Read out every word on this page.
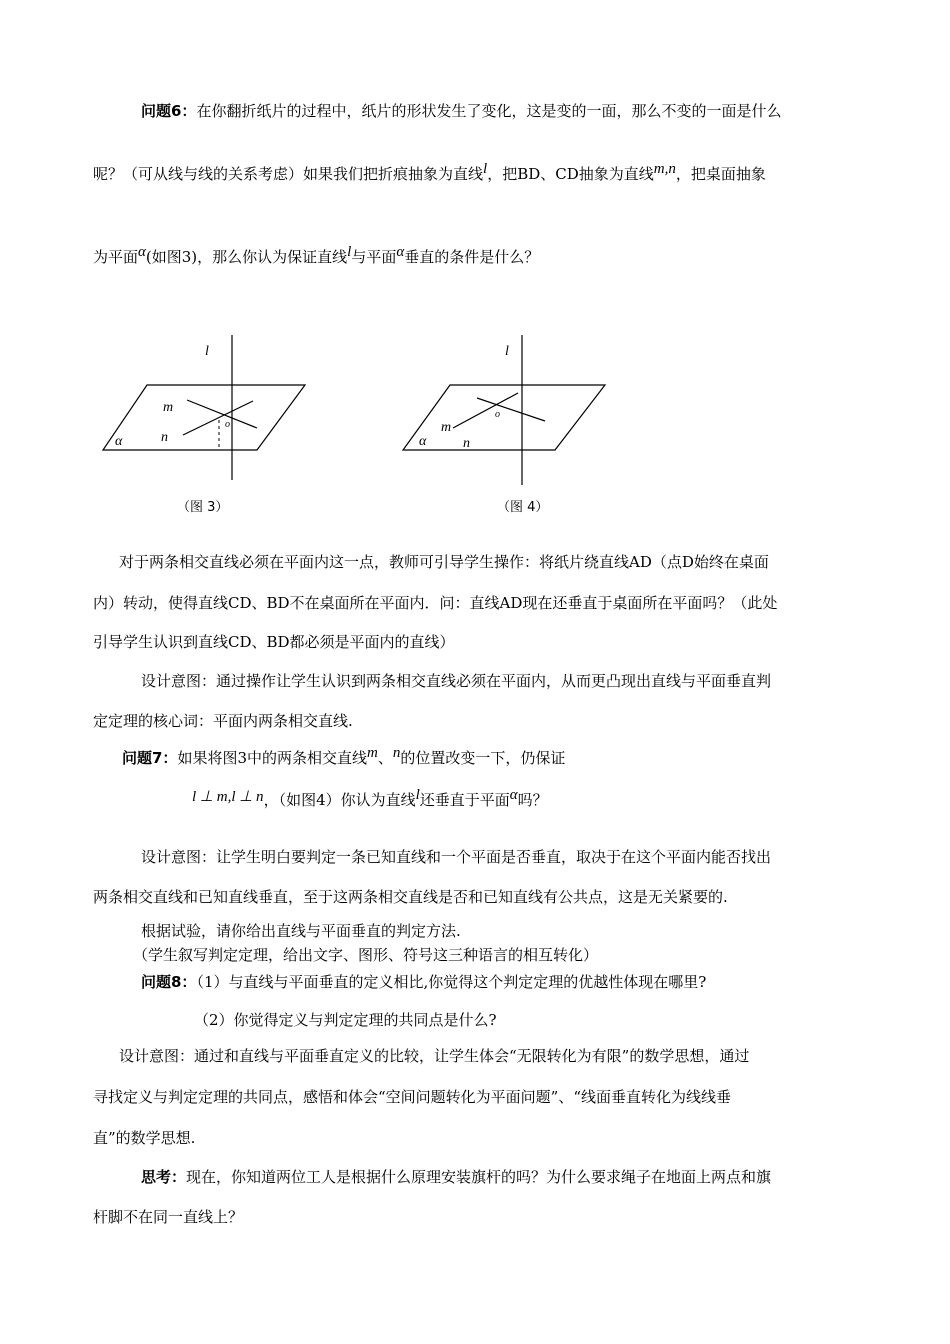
问题6：在你翻折纸片的过程中，纸片的形状发生了变化，这是变的一面，那么不变的一面是什么
呢？（可从线与线的关系考虑）如果我们把折痕抽象为直线l，把BD、CD抽象为直线m,n，把桌面抽象
为平面α(如图3)，那么你认为保证直线l与平面α垂直的条件是什么？
l
m
n
o
α
（图 3）
l
m
n
o
α
（图 4）
对于两条相交直线必须在平面内这一点，教师可引导学生操作：将纸片绕直线AD（点D始终在桌面
内）转动，使得直线CD、BD不在桌面所在平面内．问：直线AD现在还垂直于桌面所在平面吗？（此处
引导学生认识到直线CD、BD都必须是平面内的直线）
设计意图：通过操作让学生认识到两条相交直线必须在平面内，从而更凸现出直线与平面垂直判
定定理的核心词：平面内两条相交直线.
问题7：如果将图3中的两条相交直线m、n的位置改变一下，仍保证
l ⊥ m,l ⊥ n，（如图4）你认为直线l还垂直于平面α吗？
设计意图：让学生明白要判定一条已知直线和一个平面是否垂直，取决于在这个平面内能否找出
两条相交直线和已知直线垂直，至于这两条相交直线是否和已知直线有公共点，这是无关紧要的.
根据试验，请你给出直线与平面垂直的判定方法.
（学生叙写判定定理，给出文字、图形、符号这三种语言的相互转化）
问题8：（1）与直线与平面垂直的定义相比,你觉得这个判定定理的优越性体现在哪里?
（2）你觉得定义与判定定理的共同点是什么?
设计意图：通过和直线与平面垂直定义的比较，让学生体会“无限转化为有限”的数学思想，通过
寻找定义与判定定理的共同点，感悟和体会“空间问题转化为平面问题”、“线面垂直转化为线线垂
直”的数学思想.
思考：现在，你知道两位工人是根据什么原理安装旗杆的吗？为什么要求绳子在地面上两点和旗
杆脚不在同一直线上？
